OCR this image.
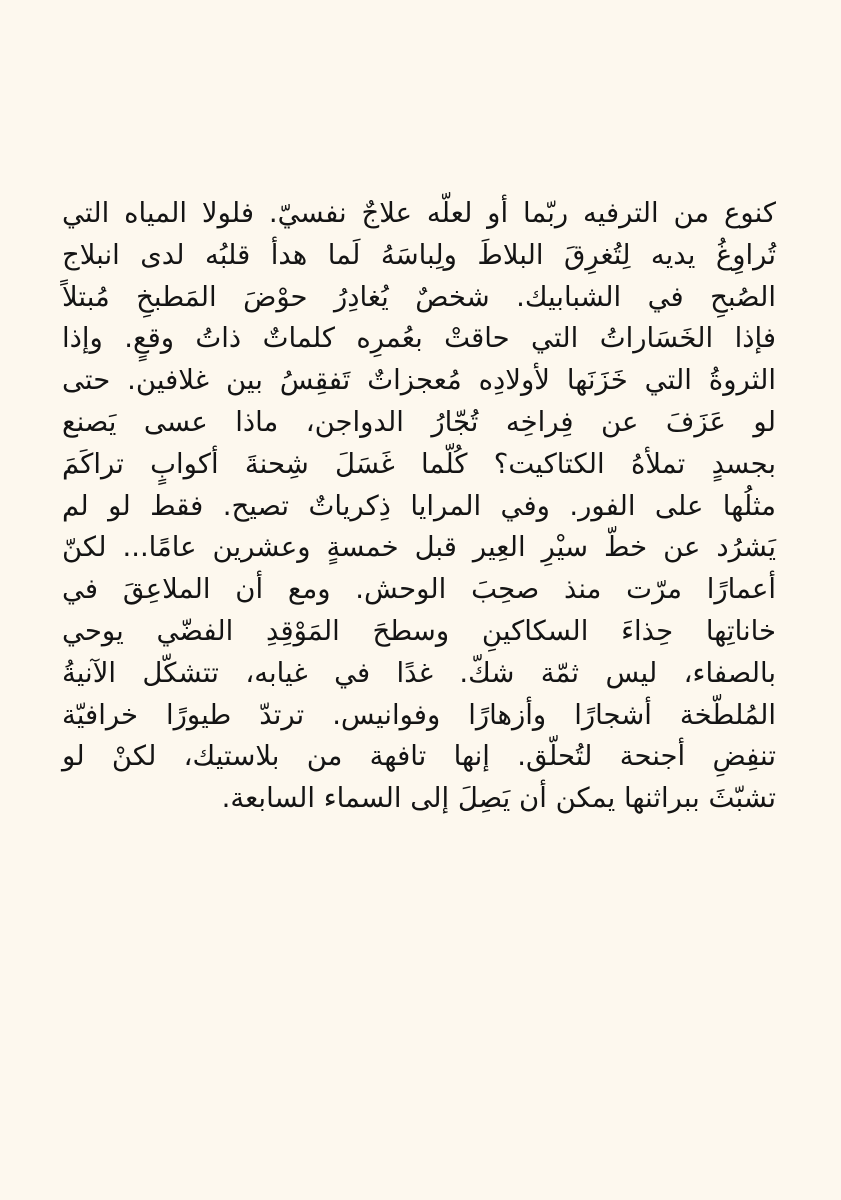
كنوع من الترفيه ربّما أو لعلّه علاجٌ نفسيّ. فلولا المياه التي
تُراوِغُ يديه لِتُغرِقَ البلاطَ ولِباسَهُ لَما هدأ قلبُه لدى انبلاج
الصُبحِ في الشبابيك. شخصٌ يُغادِرُ حوْضَ المَطبخِ مُبتلاً
فإذا الخَسَاراتُ التي حاقتْ بعُمرِه كلماتٌ ذاتُ وقعٍ. وإذا
الثروةُ التي خَزَنَها لأولادِه مُعجزاتٌ تَفقِسُ بين غلافين. حتى
لو عَزَفَ عن فِراخِه تُجّارُ الدواجن، ماذا عسى يَصنع
بجسدٍ تملأهُ الكتاكيت؟ كُلّما غَسَلَ شِحنةَ أكوابٍ تراكَمَ
مثلُها على الفور. وفي المرايا ذِكرياتٌ تصيح. فقط لو لم
يَشرُد عن خطّ سيْرِ العِير قبل خمسةٍ وعشرين عامًا... لكنّ
أعمارًا مرّت منذ صحِبَ الوحش. ومع أن الملاعِقَ في
خاناتِها حِذاءَ السكاكينِ وسطحَ المَوْقِدِ الفضّي يوحي
بالصفاء، ليس ثمّة شكّ. غدًا في غيابه، تتشكّل الآنيةُ
المُلطّخة أشجارًا وأزهارًا وفوانيس. ترتدّ طيورًا خرافيّة
تنفِضِ أجنحة لتُحلّق. إنها تافهة من بلاستيك، لكنْ لو
تشبّثَ ببراثنها يمكن أن يَصِلَ إلى السماء السابعة.
